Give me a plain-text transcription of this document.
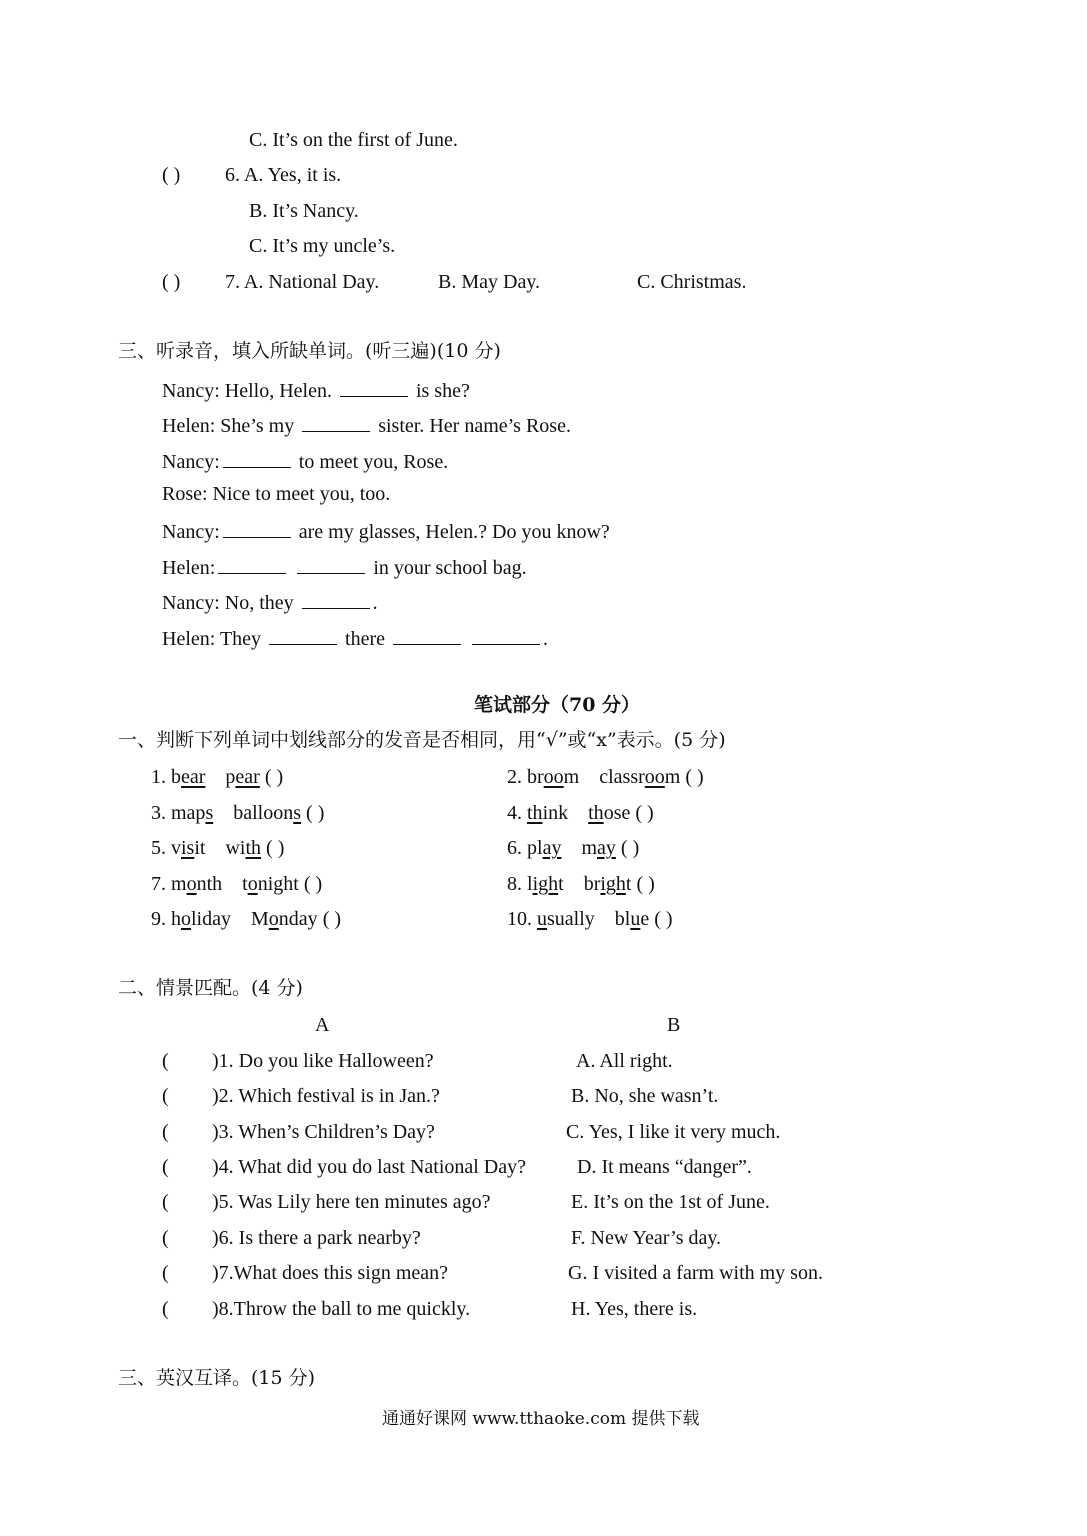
C. It’s on the first of June.
( ) 6. A. Yes, it is.
B. It’s Nancy.
C. It’s my uncle’s.
( ) 7. A. National Day.	B. May Day.	C. Christmas.
三、听录音，填入所缺单词。(听三遍)(10 分)
Nancy: Hello, Helen.	is she?
Helen: She’s my	sister. Her name’s Rose.
Nancy:	to meet you, Rose.
Rose: Nice to meet you, too.
Nancy:	are my glasses, Helen.? Do you know?
Helen:	in your school bag.
Nancy: No, they	.
Helen: They	there	.
笔试部分（70 分）
一、判断下列单词中划线部分的发音是否相同，用“√”或“x”表示。(5 分)
1. bear pear ( )	2. broom classroom ( )
3. maps balloons ( )	4. think those ( )
5. visit with ( )	6. play may ( )
7. month tonight ( )	8. light bright ( )
9. holiday Monday ( )	10. usually blue ( )
二、情景匹配。(4 分)
A	B
( )1. Do you like Halloween?	A. All right.
( )2. Which festival is in Jan.?	B. No, she wasn’t.
( )3. When’s Children’s Day?	C. Yes, I like it very much.
( )4. What did you do last National Day?	D. It means “danger”.
( )5. Was Lily here ten minutes ago?	E. It’s on the 1st of June.
( )6. Is there a park nearby?	F. New Year’s day.
( )7.What does this sign mean?	G. I visited a farm with my son.
( )8.Throw the ball to me quickly.	H. Yes, there is.
三、英汉互译。(15 分)
通通好课网 www.tthaoke.com 提供下载
